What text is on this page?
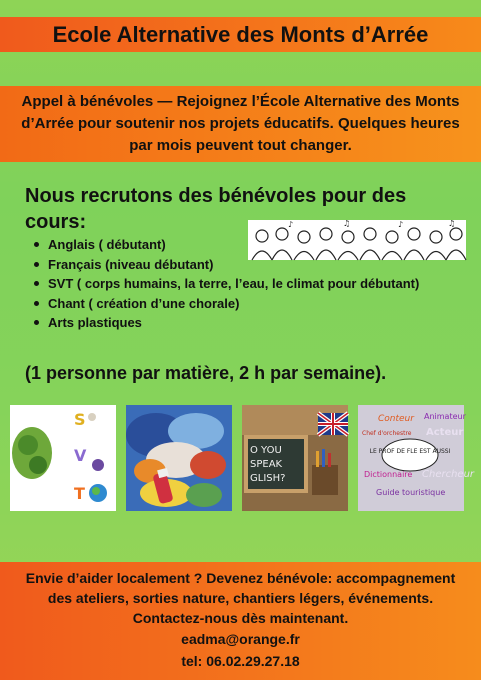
Ecole Alternative des Monts d’Arrée

Appel à bénévoles — Rejoignez l’École Alternative des Monts d’Arrée pour soutenir nos projets éducatifs. Quelques heures par mois peuvent tout changer.

Nous recrutons des bénévoles pour des cours:
Anglais ( débutant)
Français (niveau débutant)
SVT ( corps humains, la terre, l’eau, le climat pour débutant)
Chant ( création d’une chorale)
Arts plastiques
♪	♫	♪	♫
(1 personne par matière, 2 h par semaine).
S
V
T
O YOU
SPEAK
GLISH?
Conteur Animateur
Acteur
Chef d'orchestre
LE PROF DE FLE EST AUSSI
Dictionnaire Chercheur
Guide touristique

Envie d’aider localement ? Devenez bénévole: accompagnement des ateliers, sorties nature, chantiers légers, événements. Contactez-nous dès maintenant.

eadma@orange.fr
tel: 06.02.29.27.18
